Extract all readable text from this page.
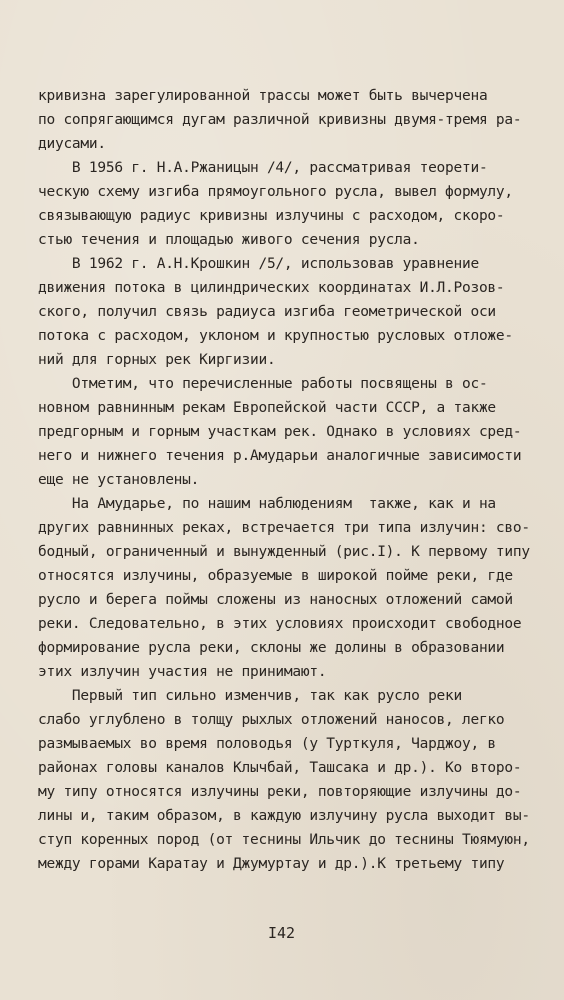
кривизна зарегулированной трассы может быть вычерчена
по сопрягающимся дугам различной кривизны двумя-тремя ра-
диусами.
В 1956 г. Н.А.Ржаницын /4/, рассматривая теорети-
ческую схему изгиба прямоугольного русла, вывел формулу,
связывающую радиус кривизны излучины с расходом, скоро-
стью течения и площадью живого сечения русла.
В 1962 г. А.Н.Крошкин /5/, использовав уравнение
движения потока в цилиндрических координатах И.Л.Розов-
ского, получил связь радиуса изгиба геометрической оси
потока с расходом, уклоном и крупностью русловых отложе-
ний для горных рек Киргизии.
Отметим, что перечисленные работы посвящены в ос-
новном равнинным рекам Европейской части СССР, а также
предгорным и горным участкам рек. Однако в условиях сред-
него и нижнего течения р.Амударьи аналогичные зависимости
еще не установлены.
На Амударье, по нашим наблюдениям  также, как и на
других равнинных реках, встречается три типа излучин: сво-
бодный, ограниченный и вынужденный (рис.I). К первому типу
относятся излучины, образуемые в широкой пойме реки, где
русло и берега поймы сложены из наносных отложений самой
реки. Следовательно, в этих условиях происходит свободное
формирование русла реки, склоны же долины в образовании
этих излучин участия не принимают.
Первый тип сильно изменчив, так как русло реки
слабо углублено в толщу рыхлых отложений наносов, легко
размываемых во время половодья (у Турткуля, Чарджоу, в
районах головы каналов Клычбай, Ташсака и др.). Ко второ-
му типу относятся излучины реки, повторяющие излучины до-
лины и, таким образом, в каждую излучину русла выходит вы-
ступ коренных пород (от теснины Ильчик до теснины Тюямуюн,
между горами Каратау и Джумуртау и др.).К третьему типу
I42
